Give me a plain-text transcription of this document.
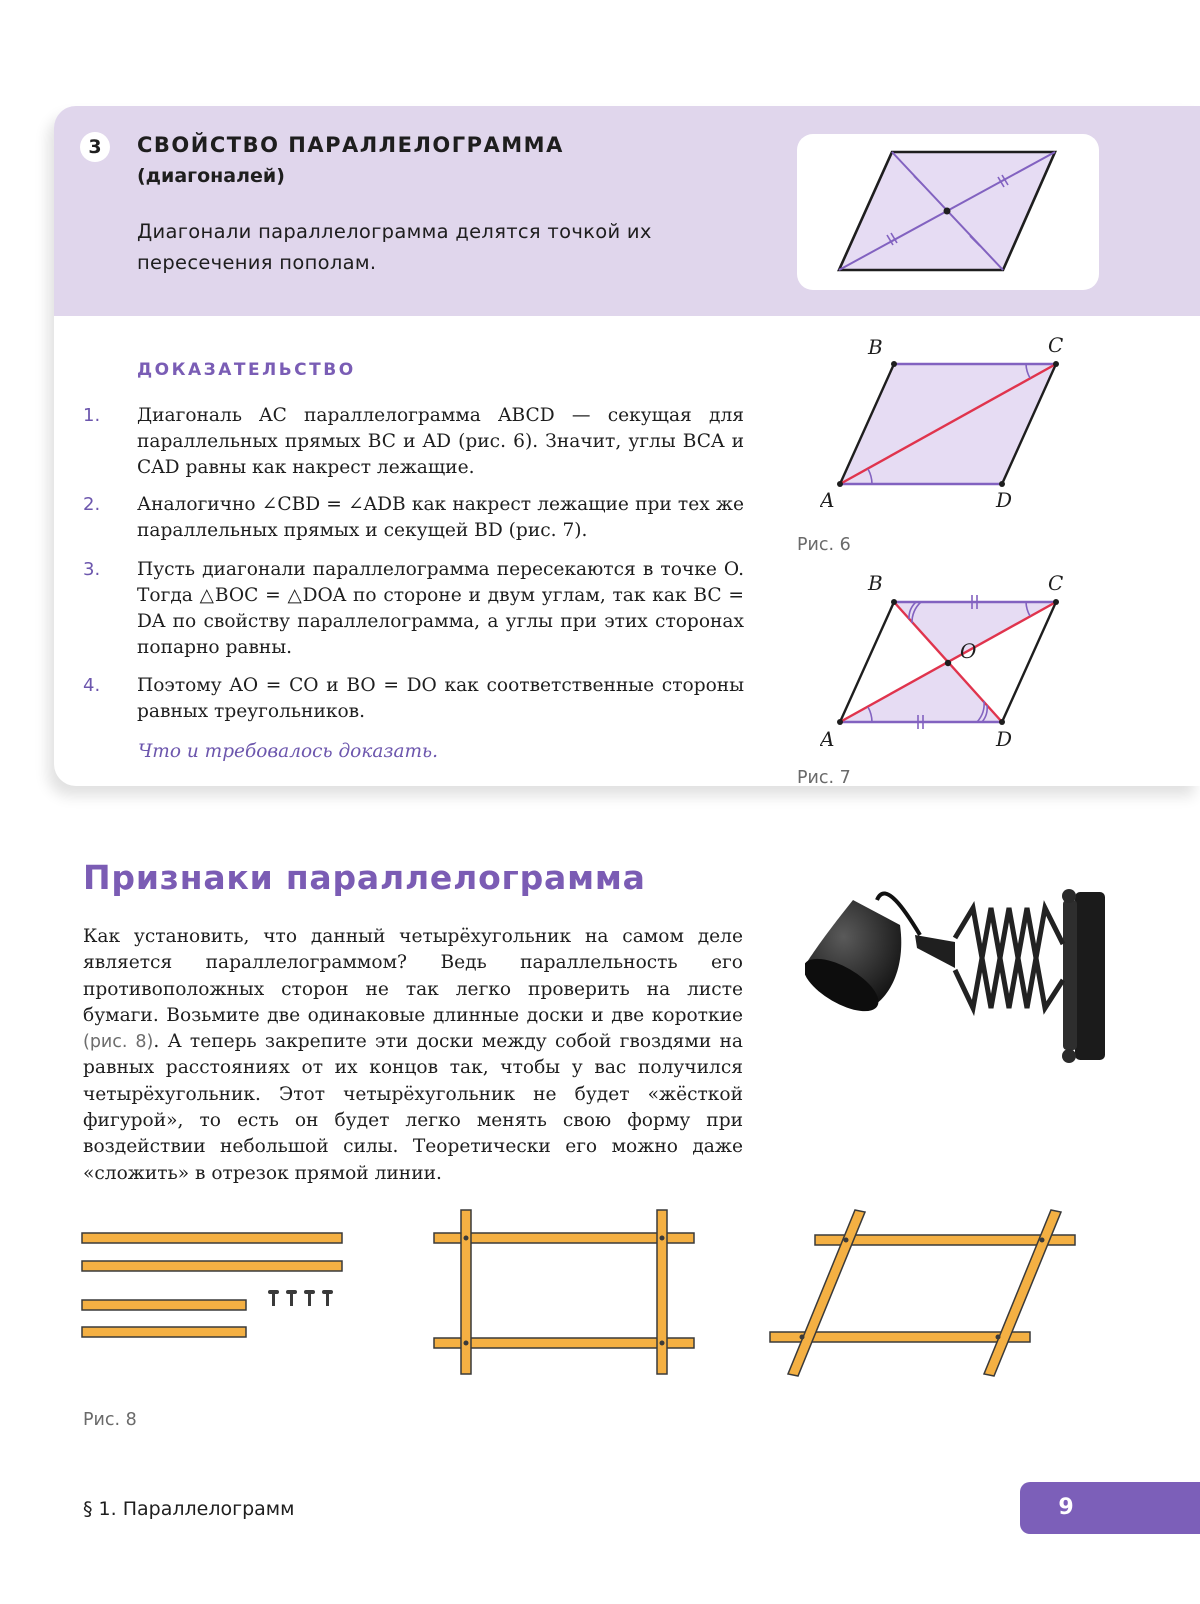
3	СВОЙСТВО ПАРАЛЛЕЛОГРАММА
(диагоналей)
Диагонали параллелограмма делятся точкой их пересечения пополам.
ДОКАЗАТЕЛЬСТВО
1. Диагональ AC параллелограмма ABCD — секущая для параллельных прямых BC и AD (рис. 6). Значит, углы BCA и CAD равны как накрест лежащие.
2. Аналогично ∠CBD = ∠ADB как накрест лежащие при тех же параллельных прямых и секущей BD (рис. 7).
3. Пусть диагонали параллелограмма пересекаются в точке O. Тогда △BOC = △DOA по стороне и двум углам, так как BC = DA по свойству параллелограмма, а углы при этих сторонах попарно равны.
4. Поэтому AO = CO и BO = DO как соответственные стороны равных треугольников.
Что и требовалось доказать.
B	C
A	D
Рис. 6
B	C
A	D
O
Рис. 7
Признаки параллелограмма
Как установить, что данный четырёхугольник на самом деле является параллелограммом? Ведь параллельность его противоположных сторон не так легко проверить на листе бумаги. Возьмите две одинаковые длинные доски и две короткие (рис. 8). А теперь закрепите эти доски между собой гвоздями на равных расстояниях от их концов так, чтобы у вас получился четырёхугольник. Этот четырёхугольник не будет «жёсткой фигурой», то есть он будет легко менять свою форму при воздействии небольшой силы. Теоретически его можно даже «сложить» в отрезок прямой линии.
Рис. 8
§ 1. Параллелограмм	9
